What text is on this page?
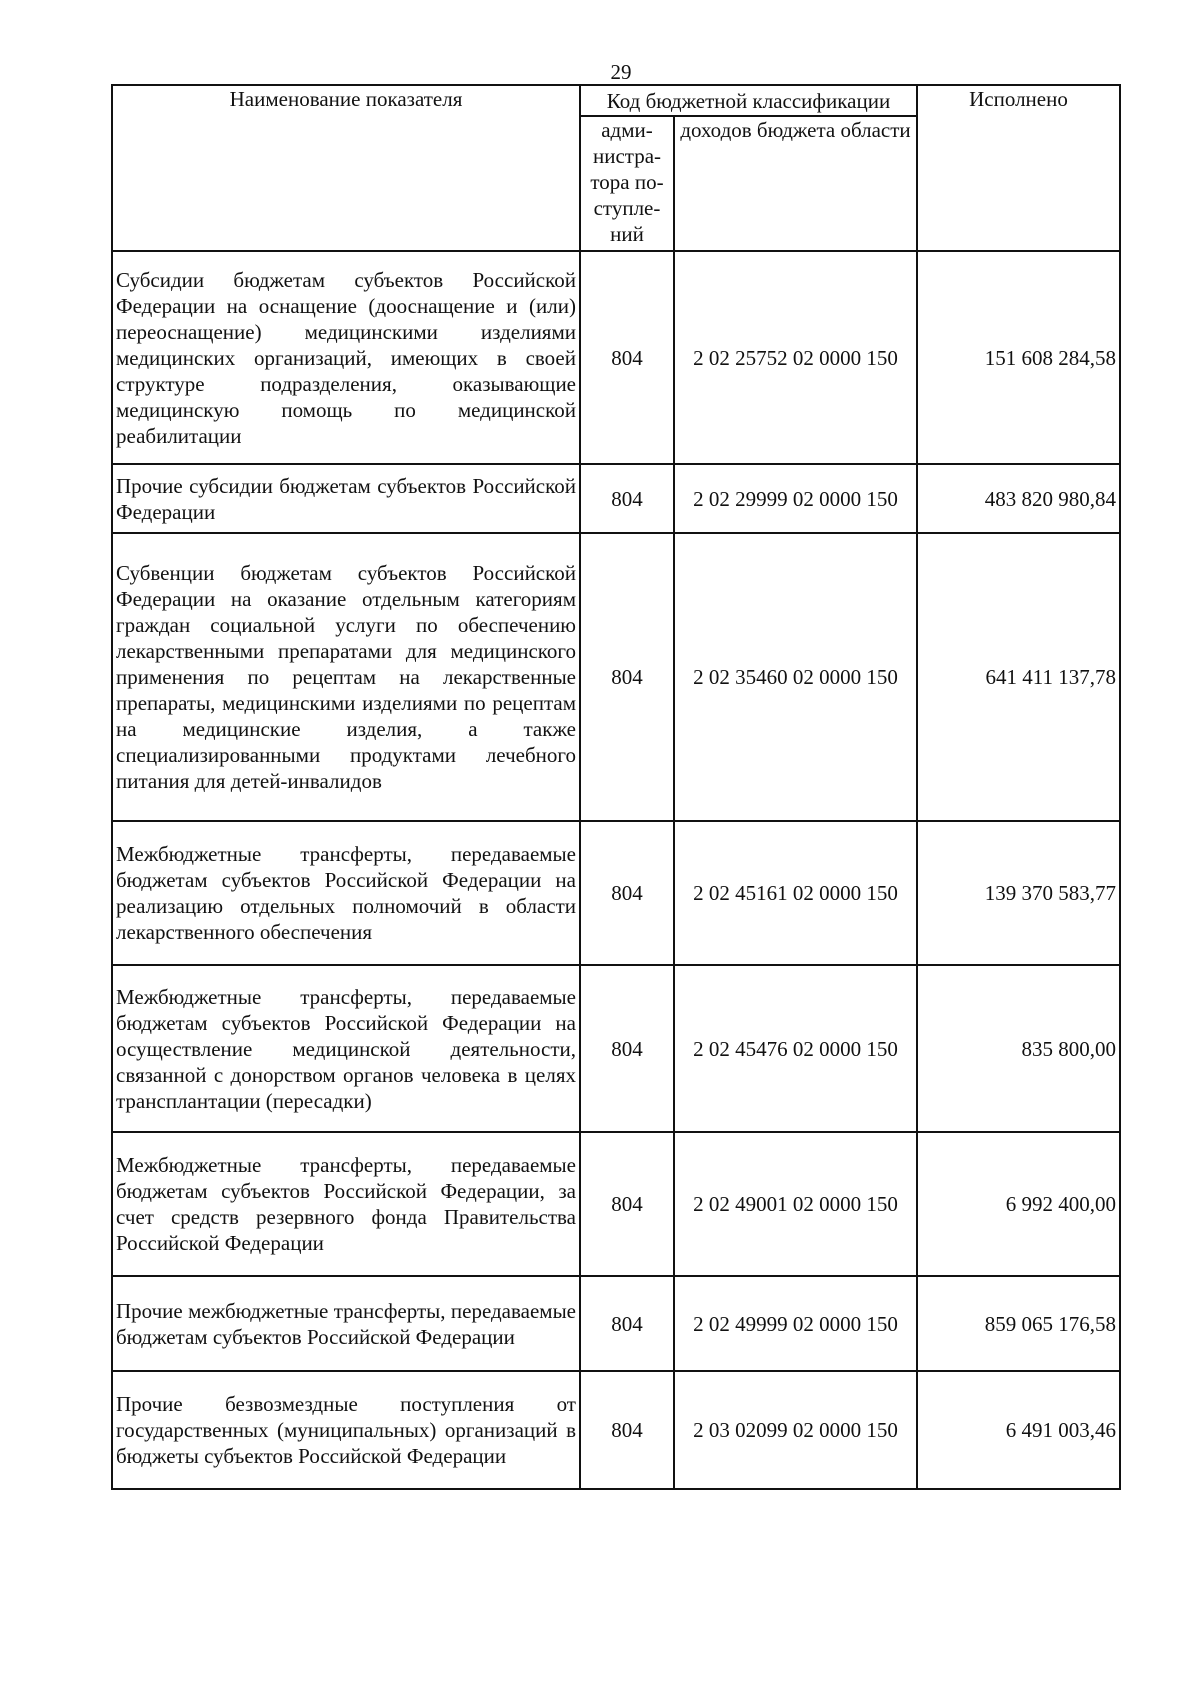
29
Наименование показателя	Код бюджетной классификации		Исполнено
	адми-нистра-тора по-ступле-ний	доходов бюджета области	
Субсидии бюджетам субъектов Российской Федерации на оснащение (дооснащение и (или) переоснащение) медицинскими изделиями медицинских организаций, имеющих в своей структуре подразделения, оказывающие медицинскую помощь по медицинской реабилитации	804	2 02 25752 02 0000 150	151 608 284,58
Прочие субсидии бюджетам субъектов Российской Федерации	804	2 02 29999 02 0000 150	483 820 980,84
Субвенции бюджетам субъектов Российской Федерации на оказание отдельным категориям граждан социальной услуги по обеспечению лекарственными препаратами для медицинского применения по рецептам на лекарственные препараты, медицинскими изделиями по рецептам на медицинские изделия, а также специализированными продуктами лечебного питания для детей-инвалидов	804	2 02 35460 02 0000 150	641 411 137,78
Межбюджетные трансферты, передаваемые бюджетам субъектов Российской Федерации на реализацию отдельных полномочий в области лекарственного обеспечения	804	2 02 45161 02 0000 150	139 370 583,77
Межбюджетные трансферты, передаваемые бюджетам субъектов Российской Федерации на осуществление медицинской деятельности, связанной с донорством органов человека в целях трансплантации (пересадки)	804	2 02 45476 02 0000 150	835 800,00
Межбюджетные трансферты, передаваемые бюджетам субъектов Российской Федерации, за счет средств резервного фонда Правительства Российской Федерации	804	2 02 49001 02 0000 150	6 992 400,00
Прочие межбюджетные трансферты, передаваемые бюджетам субъектов Российской Федерации	804	2 02 49999 02 0000 150	859 065 176,58
Прочие безвозмездные поступления от государственных (муниципальных) организаций в бюджеты субъектов Российской Федерации	804	2 03 02099 02 0000 150	6 491 003,46
